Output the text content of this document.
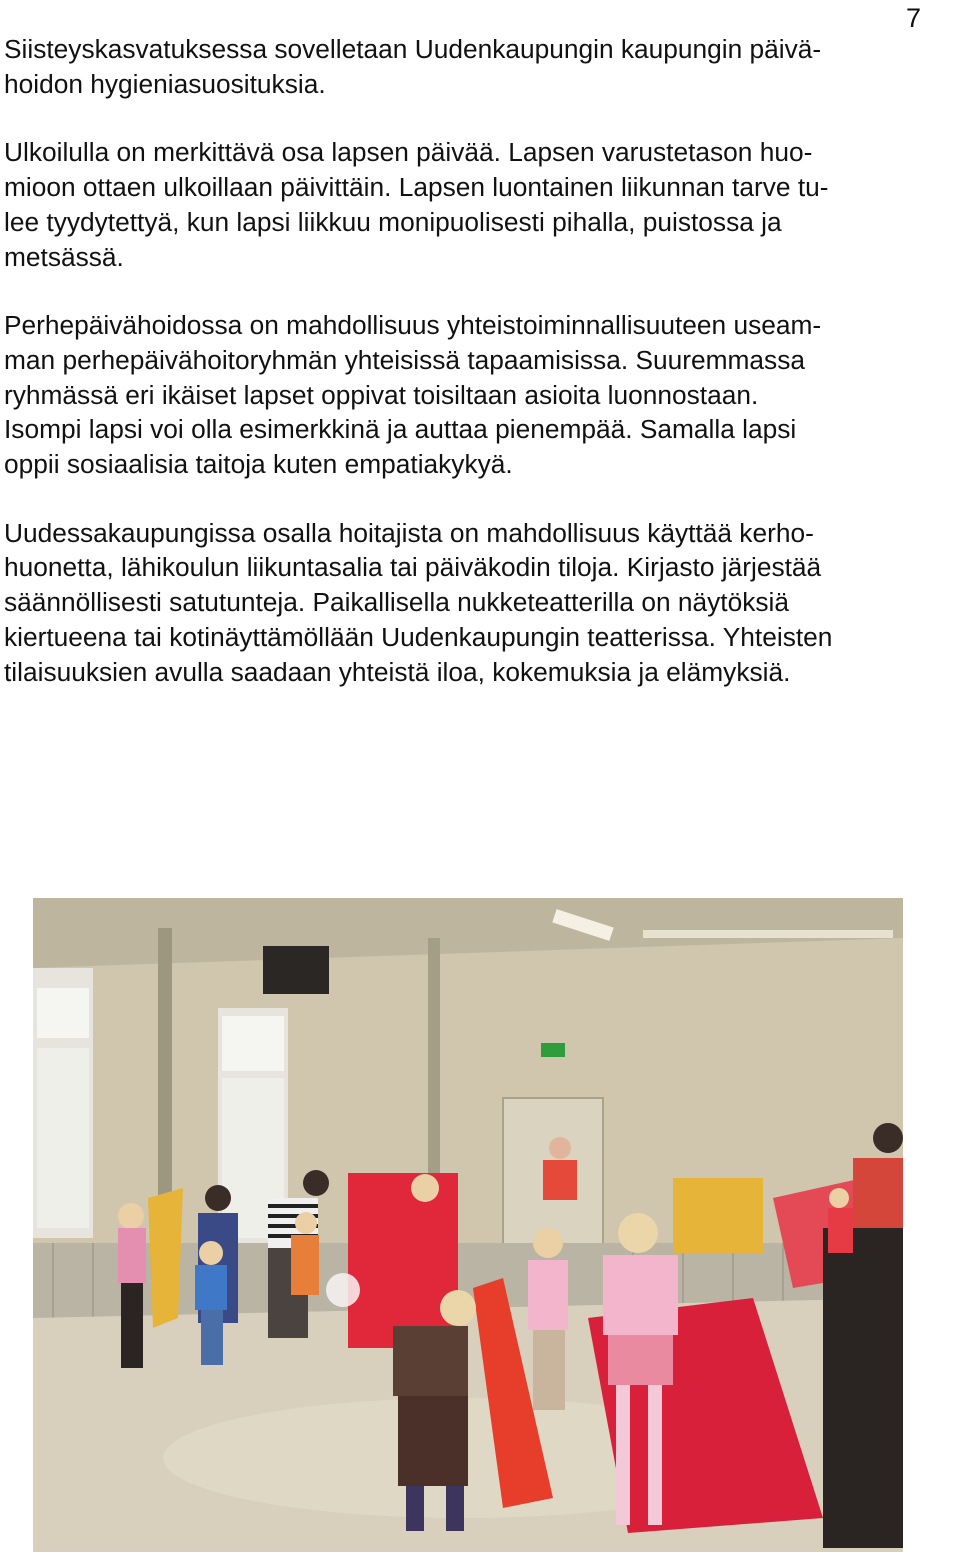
7

Siisteyskasvatuksessa sovelletaan Uudenkaupungin kaupungin päivä-
hoidon hygieniasuosituksia.

Ulkoilulla on merkittävä osa lapsen päivää. Lapsen varustetason huo-
mioon ottaen ulkoillaan päivittäin. Lapsen luontainen liikunnan tarve tu-
lee tyydytettyä, kun lapsi liikkuu monipuolisesti pihalla, puistossa ja
metsässä.

Perhepäivähoidossa on mahdollisuus yhteistoiminnallisuuteen useam-
man perhepäivähoitoryhmän yhteisissä tapaamisissa. Suuremmassa
ryhmässä eri ikäiset lapset oppivat toisiltaan asioita luonnostaan.
Isompi lapsi voi olla esimerkkinä ja auttaa pienempää. Samalla lapsi
oppii sosiaalisia taitoja kuten empatiakykyä.

Uudessakaupungissa osalla hoitajista on mahdollisuus käyttää kerho-
huonetta, lähikoulun liikuntasalia tai päiväkodin tiloja. Kirjasto järjestää
säännöllisesti satutunteja. Paikallisella nukketeatterilla on näytöksiä
kiertueena tai kotinäyttämöllään Uudenkaupungin teatterissa. Yhteisten
tilaisuuksien avulla saadaan yhteistä iloa, kokemuksia ja elämyksiä.
